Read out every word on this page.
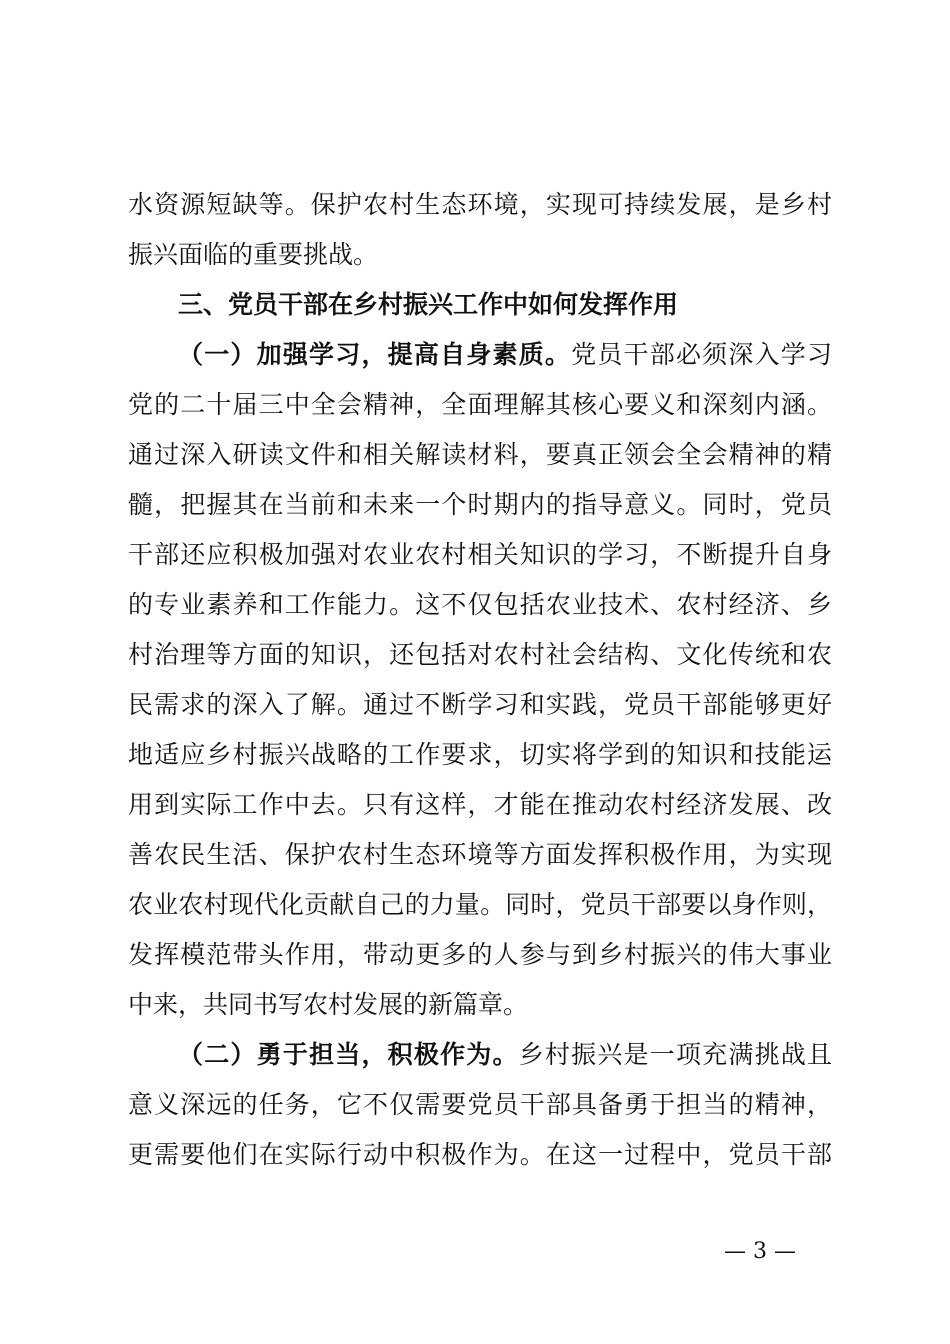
水资源短缺等。保护农村生态环境，实现可持续发展，是乡村
振兴面临的重要挑战。
三、党员干部在乡村振兴工作中如何发挥作用
（一）加强学习，提高自身素质。党员干部必须深入学习
党的二十届三中全会精神，全面理解其核心要义和深刻内涵。
通过深入研读文件和相关解读材料，要真正领会全会精神的精
髓，把握其在当前和未来一个时期内的指导意义。同时，党员
干部还应积极加强对农业农村相关知识的学习，不断提升自身
的专业素养和工作能力。这不仅包括农业技术、农村经济、乡
村治理等方面的知识，还包括对农村社会结构、文化传统和农
民需求的深入了解。通过不断学习和实践，党员干部能够更好
地适应乡村振兴战略的工作要求，切实将学到的知识和技能运
用到实际工作中去。只有这样，才能在推动农村经济发展、改
善农民生活、保护农村生态环境等方面发挥积极作用，为实现
农业农村现代化贡献自己的力量。同时，党员干部要以身作则，
发挥模范带头作用，带动更多的人参与到乡村振兴的伟大事业
中来，共同书写农村发展的新篇章。
（二）勇于担当，积极作为。乡村振兴是一项充满挑战且
意义深远的任务，它不仅需要党员干部具备勇于担当的精神，
更需要他们在实际行动中积极作为。在这一过程中，党员干部
— 3 —
